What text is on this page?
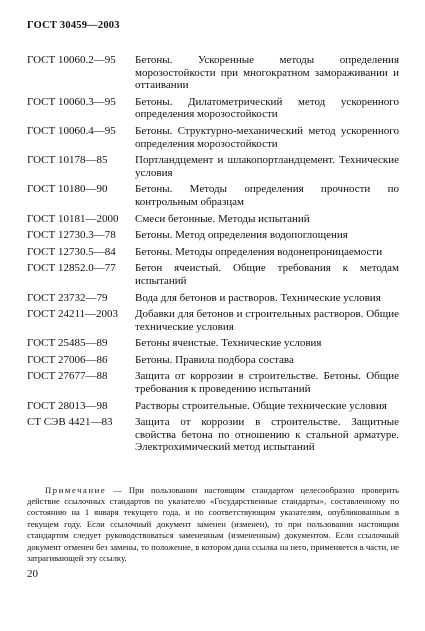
ГОСТ 30459—2003
ГОСТ 10060.2—95	Бетоны. Ускоренные методы определения морозостойкости при многократном замораживании и оттаивании
ГОСТ 10060.3—95	Бетоны. Дилатометрический метод ускоренного определения морозостойкости
ГОСТ 10060.4—95	Бетоны. Структурно-механический метод ускоренного определения морозостойкости
ГОСТ 10178—85	Портландцемент и шлакопортландцемент. Технические условия
ГОСТ 10180—90	Бетоны. Методы определения прочности по контрольным образцам
ГОСТ 10181—2000	Смеси бетонные. Методы испытаний
ГОСТ 12730.3—78	Бетоны. Метод определения водопоглощения
ГОСТ 12730.5—84	Бетоны. Методы определения водонепроницаемости
ГОСТ 12852.0—77	Бетон ячеистый. Общие требования к методам испытаний
ГОСТ 23732—79	Вода для бетонов и растворов. Технические условия
ГОСТ 24211—2003	Добавки для бетонов и строительных растворов. Общие технические условия
ГОСТ 25485—89	Бетоны ячеистые. Технические условия
ГОСТ 27006—86	Бетоны. Правила подбора состава
ГОСТ 27677—88	Защита от коррозии в строительстве. Бетоны. Общие требования к проведению испытаний
ГОСТ 28013—98	Растворы строительные. Общие технические условия
СТ СЭВ 4421—83	Защита от коррозии в строительстве. Защитные свойства бетона по отношению к стальной арматуре. Электрохимический метод испытаний

Примечание — При пользовании настоящим стандартом целесообразно проверить действие ссылочных стандартов по указателю «Государственные стандарты», составленному по состоянию на 1 января текущего года, и по соответствующим указателям, опубликованным в текущем году. Если ссылочный документ заменен (изменен), то при пользовании настоящим стандартом следует руководствоваться замененным (измененным) документом. Если ссылочный документ отменен без замены, то положение, в котором дана ссылка на него, применяется в части, не затрагивающей эту ссылку.

20
